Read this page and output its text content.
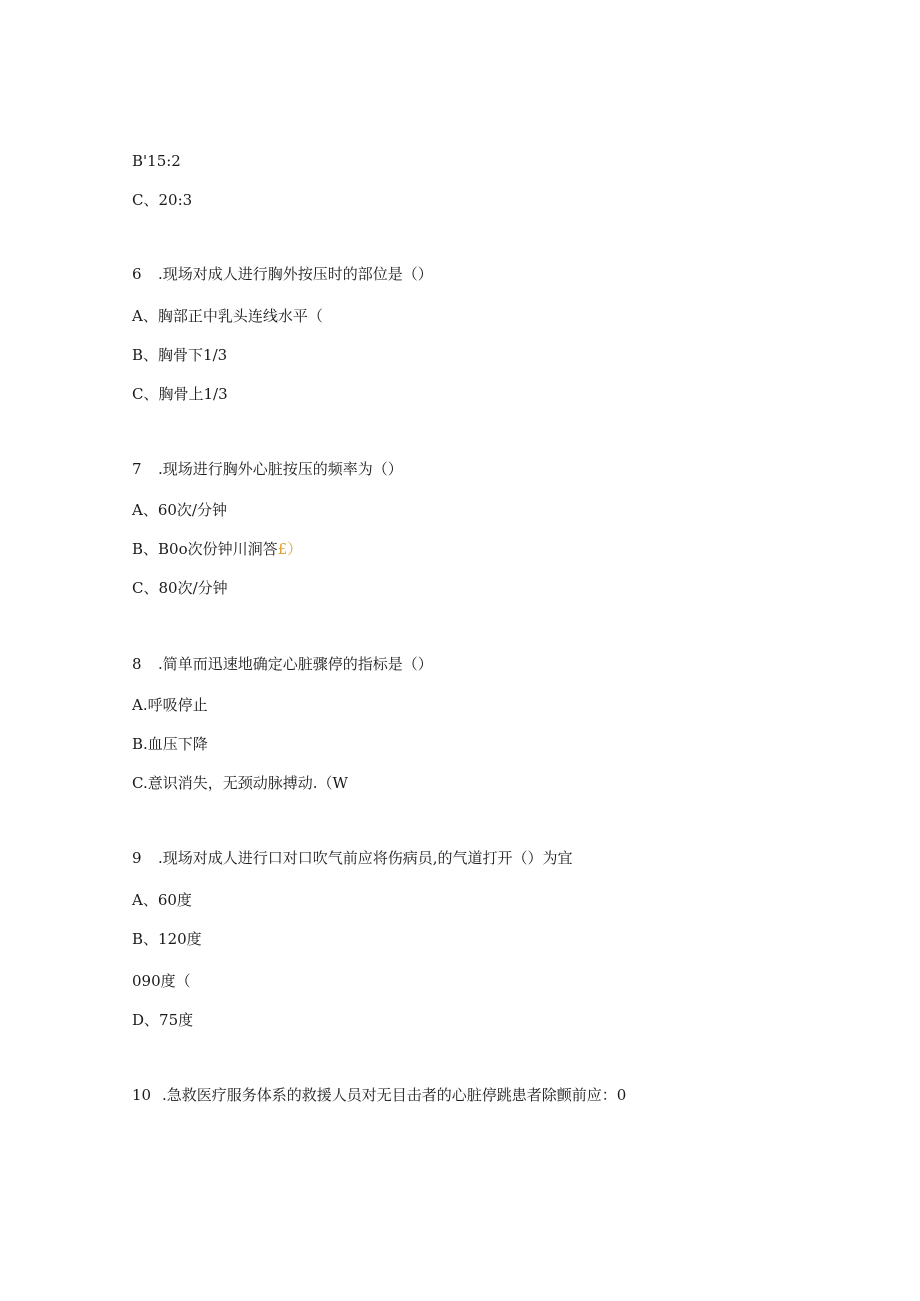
B'15:2
C、20:3
6 .现场对成人进行胸外按压时的部位是（）
A、胸部正中乳头连线水平（
B、胸骨下1/3
C、胸骨上1/3
7 .现场进行胸外心脏按压的频率为（）
A、60次/分钟
B、B0o次份钟川涧答£）
C、80次/分钟
8 .简单而迅速地确定心脏骤停的指标是（）
A.呼吸停止
B.血压下降
C.意识消失，无颈动脉搏动.（W
9 .现场对成人进行口对口吹气前应将伤病员,的气道打开（）为宜
A、60度
B、120度
090度（
D、75度
10 .急救医疗服务体系的救援人员对无目击者的心脏停跳患者除颤前应：0
